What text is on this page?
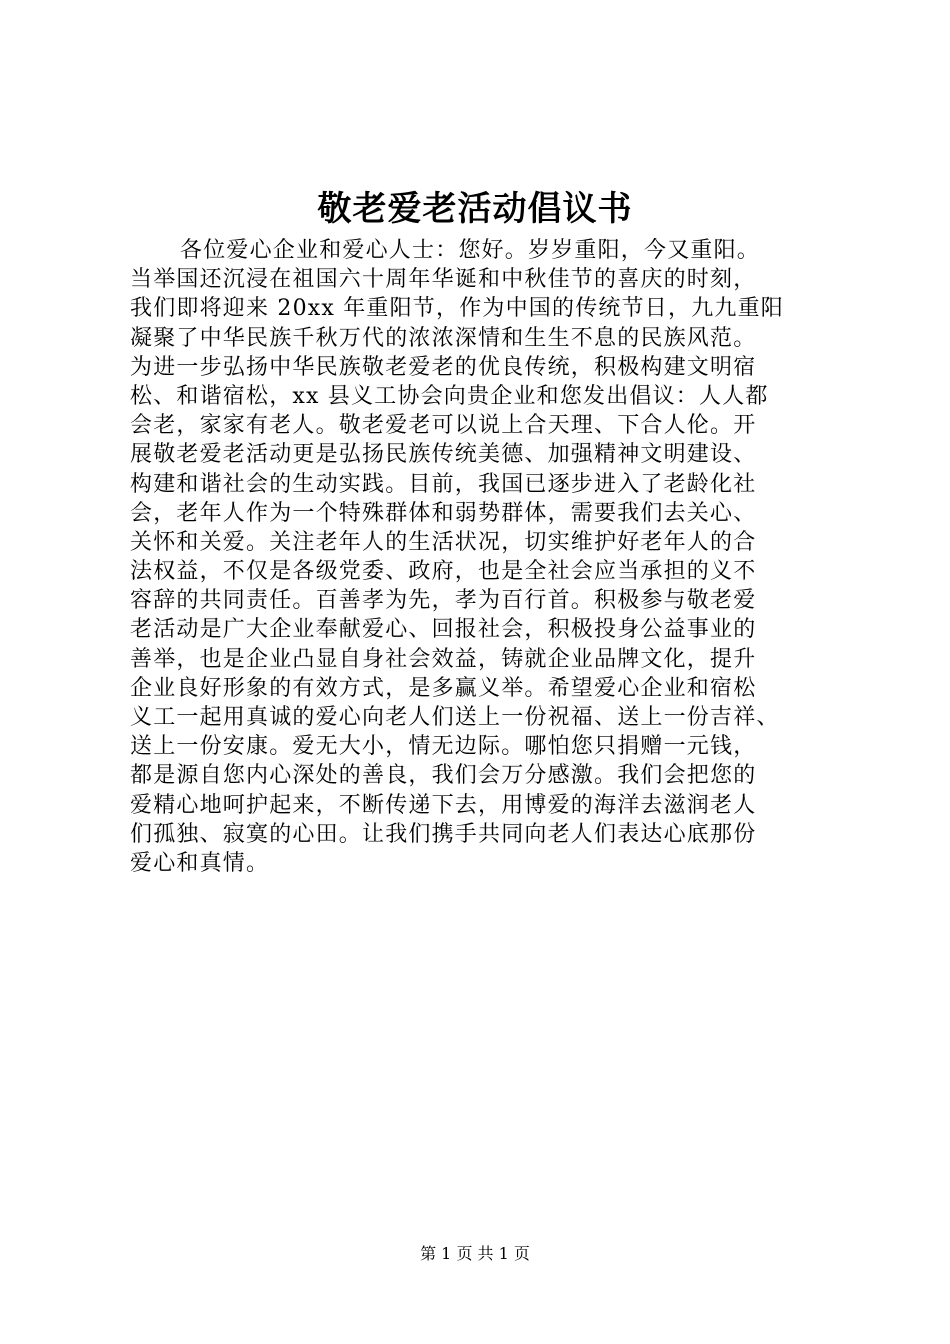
敬老爱老活动倡议书
各位爱心企业和爱心人士：您好。岁岁重阳，今又重阳。
当举国还沉浸在祖国六十周年华诞和中秋佳节的喜庆的时刻，
我们即将迎来 20xx 年重阳节，作为中国的传统节日，九九重阳
凝聚了中华民族千秋万代的浓浓深情和生生不息的民族风范。
为进一步弘扬中华民族敬老爱老的优良传统，积极构建文明宿
松、和谐宿松，xx 县义工协会向贵企业和您发出倡议：人人都
会老，家家有老人。敬老爱老可以说上合天理、下合人伦。开
展敬老爱老活动更是弘扬民族传统美德、加强精神文明建设、
构建和谐社会的生动实践。目前，我国已逐步进入了老龄化社
会，老年人作为一个特殊群体和弱势群体，需要我们去关心、
关怀和关爱。关注老年人的生活状况，切实维护好老年人的合
法权益，不仅是各级党委、政府，也是全社会应当承担的义不
容辞的共同责任。百善孝为先，孝为百行首。积极参与敬老爱
老活动是广大企业奉献爱心、回报社会，积极投身公益事业的
善举，也是企业凸显自身社会效益，铸就企业品牌文化，提升
企业良好形象的有效方式，是多赢义举。希望爱心企业和宿松
义工一起用真诚的爱心向老人们送上一份祝福、送上一份吉祥、
送上一份安康。爱无大小，情无边际。哪怕您只捐赠一元钱，
都是源自您内心深处的善良，我们会万分感激。我们会把您的
爱精心地呵护起来，不断传递下去，用博爱的海洋去滋润老人
们孤独、寂寞的心田。让我们携手共同向老人们表达心底那份
爱心和真情。
第 1 页 共 1 页
